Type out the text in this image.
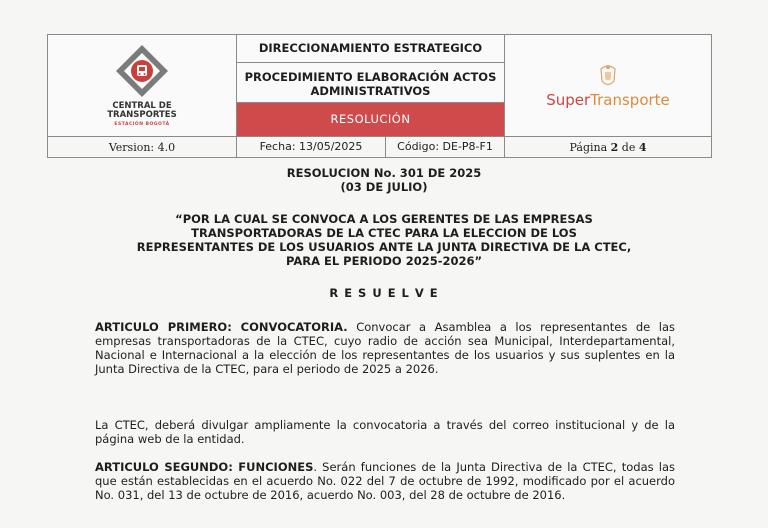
CENTRAL DE
TRANSPORTES
ESTACIÓN BOGOTÁ	DIRECCIONAMIENTO ESTRATEGICO	SuperTransporte
	PROCEDIMIENTO ELABORACIÓN ACTOS ADMINISTRATIVOS	
	RESOLUCIÓN	
Version: 4.0	Fecha: 13/05/2025 Código: DE-P8-F1	Página 2 de 4
RESOLUCION No. 301 DE 2025
(03 DE JULIO)
“POR LA CUAL SE CONVOCA A LOS GERENTES DE LAS EMPRESAS
TRANSPORTADORAS DE LA CTEC PARA LA ELECCION DE LOS
REPRESENTANTES DE LOS USUARIOS ANTE LA JUNTA DIRECTIVA DE LA CTEC,
PARA EL PERIODO 2025-2026”
R E S U E L V E
ARTICULO PRIMERO: CONVOCATORIA. Convocar a Asamblea a los representantes de las empresas transportadoras de la CTEC, cuyo radio de acción sea Municipal, Interdepartamental, Nacional e Internacional a la elección de los representantes de los usuarios y sus suplentes en la Junta Directiva de la CTEC, para el periodo de 2025 a 2026.
La CTEC, deberá divulgar ampliamente la convocatoria a través del correo institucional y de la página web de la entidad.
ARTICULO SEGUNDO: FUNCIONES. Serán funciones de la Junta Directiva de la CTEC, todas las que están establecidas en el acuerdo No. 022 del 7 de octubre de 1992, modificado por el acuerdo No. 031, del 13 de octubre de 2016, acuerdo No. 003, del 28 de octubre de 2016.
